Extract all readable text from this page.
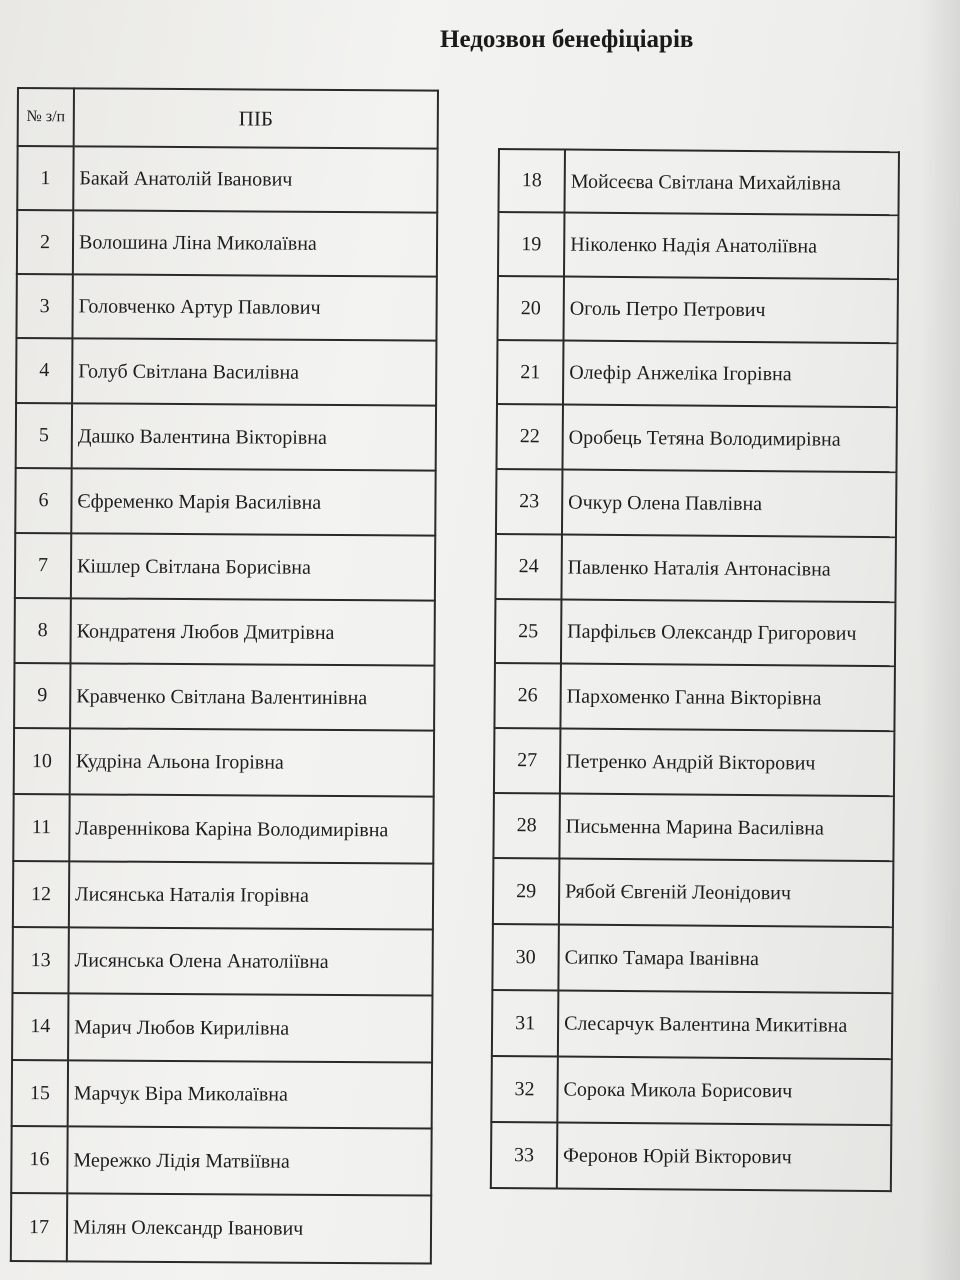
Недозвон бенефіціарів
№ з/п	ПІБ
1	Бакай Анатолій Іванович
2	Волошина Ліна Миколаївна
3	Головченко Артур Павлович
4	Голуб Світлана Василівна
5	Дашко Валентина Вікторівна
6	Єфременко Марія Василівна
7	Кішлер Світлана Борисівна
8	Кондратеня Любов Дмитрівна
9	Кравченко Світлана Валентинівна
10	Кудріна Альона Ігорівна
11	Лавреннікова Каріна Володимирівна
12	Лисянська Наталія Ігорівна
13	Лисянська Олена Анатоліївна
14	Марич Любов Кирилівна
15	Марчук Віра Миколаївна
16	Мережко Лідія Матвіївна
17	Мілян Олександр Іванович
18	Мойсеєва Світлана Михайлівна
19	Ніколенко Надія Анатоліївна
20	Оголь Петро Петрович
21	Олефір Анжеліка Ігорівна
22	Оробець Тетяна Володимирівна
23	Очкур Олена Павлівна
24	Павленко Наталія Антонасівна
25	Парфільєв Олександр Григорович
26	Пархоменко Ганна Вікторівна
27	Петренко Андрій Вікторович
28	Письменна Марина Василівна
29	Рябой Євгеній Леонідович
30	Сипко Тамара Іванівна
31	Слесарчук Валентина Микитівна
32	Сорока Микола Борисович
33	Феронов Юрій Вікторович
